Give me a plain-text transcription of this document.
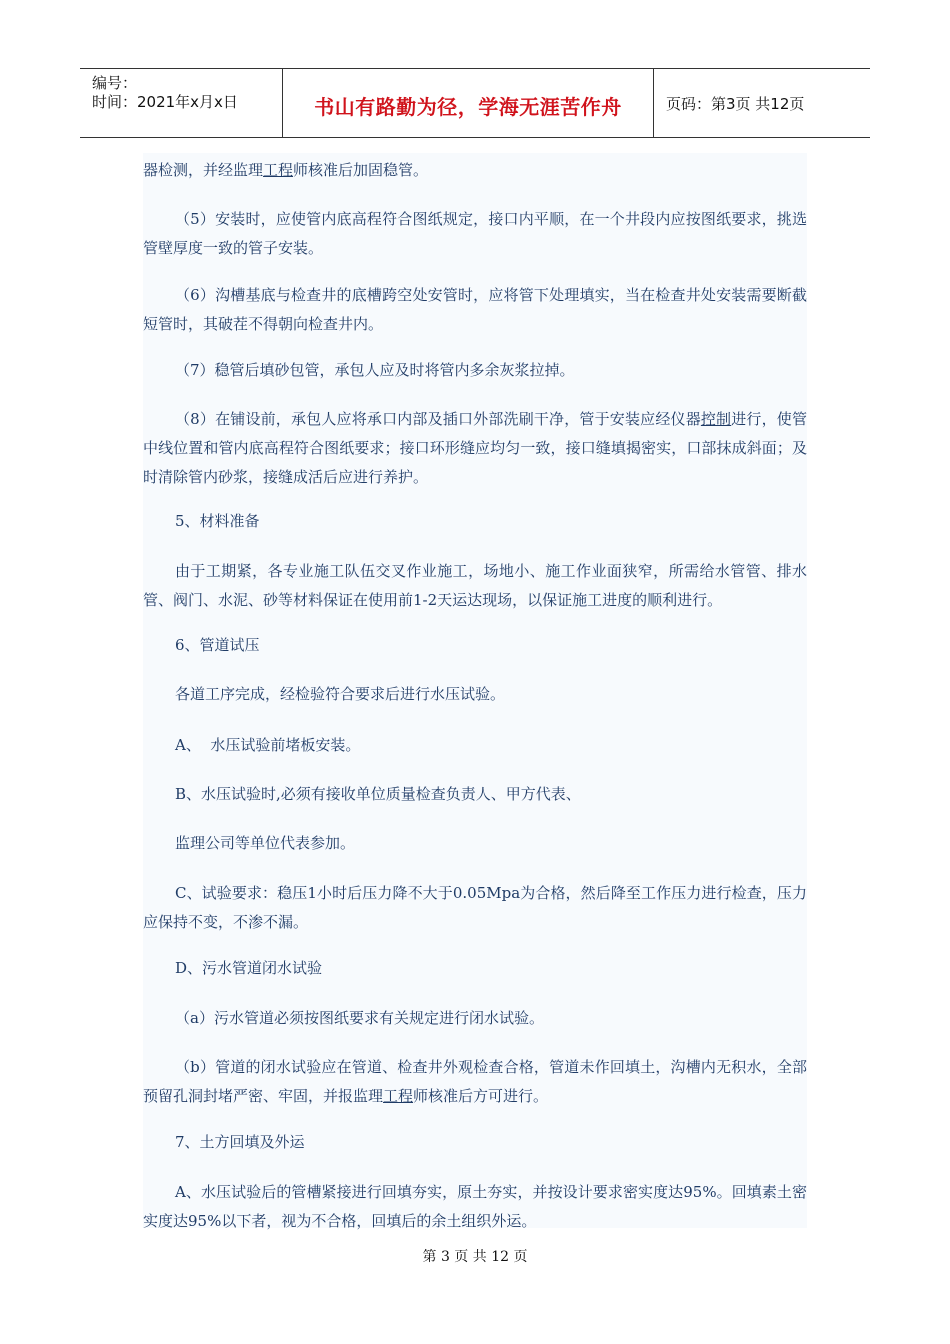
编号：
时间：2021年x月x日	书山有路勤为径，学海无涯苦作舟	页码：第3页 共12页

器检测，并经监理工程师核准后加固稳管。

（5）安装时，应使管内底高程符合图纸规定，接口内平顺，在一个井段内应按图纸要求，挑选管壁厚度一致的管子安装。

（6）沟槽基底与检查井的底槽跨空处安管时，应将管下处理填实，当在检查井处安装需要断截短管时，其破茬不得朝向检查井内。

（7）稳管后填砂包管，承包人应及时将管内多余灰浆拉掉。

（8）在铺设前，承包人应将承口内部及插口外部洗刷干净，管于安装应经仪器控制进行，使管中线位置和管内底高程符合图纸要求；接口环形缝应均匀一致，接口缝填揭密实，口部抹成斜面；及时清除管内砂浆，接缝成活后应进行养护。

5、材料准备

由于工期紧，各专业施工队伍交叉作业施工，场地小、施工作业面狭窄，所需给水管管、排水管、阀门、水泥、砂等材料保证在使用前1-2天运达现场，以保证施工进度的顺利进行。

6、管道试压

各道工序完成，经检验符合要求后进行水压试验。

A、  水压试验前堵板安装。

B、水压试验时,必须有接收单位质量检查负责人、甲方代表、

监理公司等单位代表参加。

C、试验要求：稳压1小时后压力降不大于0.05Mpa为合格，然后降至工作压力进行检查，压力应保持不变，不渗不漏。

D、污水管道闭水试验

（a）污水管道必须按图纸要求有关规定进行闭水试验。

（b）管道的闭水试验应在管道、检查井外观检查合格，管道未作回填土，沟槽内无积水，全部预留孔洞封堵严密、牢固，并报监理工程师核准后方可进行。

7、土方回填及外运

A、水压试验后的管槽紧接进行回填夯实，原土夯实，并按设计要求密实度达95%。回填素土密实度达95%以下者，视为不合格，回填后的余土组织外运。

第 3 页 共 12 页
